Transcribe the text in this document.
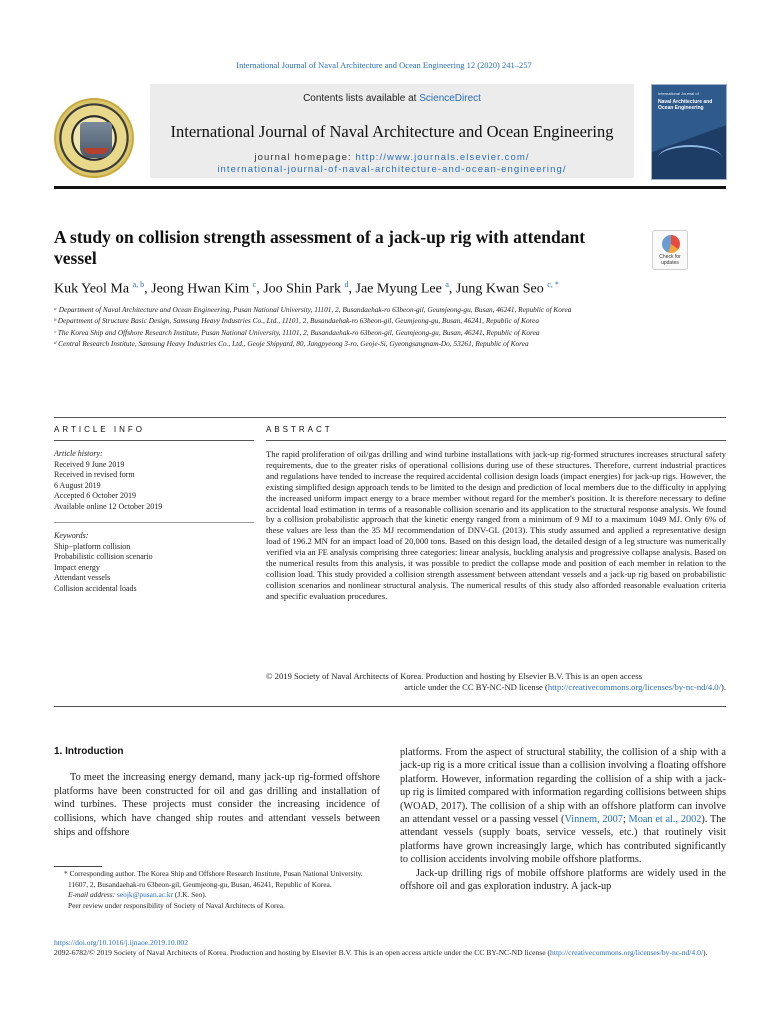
International Journal of Naval Architecture and Ocean Engineering 12 (2020) 241–257
Contents lists available at ScienceDirect
International Journal of Naval Architecture and Ocean Engineering
journal homepage: http://www.journals.elsevier.com/
international-journal-of-naval-architecture-and-ocean-engineering/
International Journal of
Naval Architecture and Ocean Engineering
A study on collision strength assessment of a jack-up rig with attendant vessel	Check for updates
Kuk Yeol Ma $^{a, b}$, Jeong Hwan Kim $^c$, Joo Shin Park $^d$, Jae Myung Lee $^a$, Jung Kwan Seo $^{c, *}$
ᵃ Department of Naval Architecture and Ocean Engineering, Pusan National University, 11101, 2, Busandaehak-ro 63beon-gil, Geumjeong-gu, Busan, 46241, Republic of Korea
ᵇ Department of Structure Basic Design, Samsung Heavy Industries Co., Ltd., 11101, 2, Busandaehak-ro 63beon-gil, Geumjeong-gu, Busan, 46241, Republic of Korea
ᶜ The Korea Ship and Offshore Research Institute, Pusan National University, 11101, 2, Busandaehak-ro 63beon-gil, Geumjeong-gu, Busan, 46241, Republic of Korea
ᵈ Central Research Institute, Samsung Heavy Industries Co., Ltd., Geoje Shipyard, 80, Jangpyeong 3-ro, Geoje-Si, Gyeongsangnam-Do, 53261, Republic of Korea
ARTICLE INFO
Article history:
Received 9 June 2019
Received in revised form
6 August 2019
Accepted 6 October 2019
Available online 12 October 2019
Keywords:
Ship−platform collision
Probabilistic collision scenario
Impact energy
Attendant vessels
Collision accidental loads
ABSTRACT
The rapid proliferation of oil/gas drilling and wind turbine installations with jack-up rig-formed structures increases structural safety requirements, due to the greater risks of operational collisions during use of these structures. Therefore, current industrial practices and regulations have tended to increase the required accidental collision design loads (impact energies) for jack-up rigs. However, the existing simplified design approach tends to be limited to the design and prediction of local members due to the difficulty in applying the increased uniform impact energy to a brace member without regard for the member's position. It is therefore necessary to define accidental load estimation in terms of a reasonable collision scenario and its application to the structural response analysis. We found by a collision probabilistic approach that the kinetic energy ranged from a minimum of 9 MJ to a maximum 1049 MJ. Only 6% of these values are less than the 35 MJ recommendation of DNV-GL (2013). This study assumed and applied a representative design load of 196.2 MN for an impact load of 20,000 tons. Based on this design load, the detailed design of a leg structure was numerically verified via an FE analysis comprising three categories: linear analysis, buckling analysis and progressive collapse analysis. Based on the numerical results from this analysis, it was possible to predict the collapse mode and position of each member in relation to the collision load. This study provided a collision strength assessment between attendant vessels and a jack-up rig based on probabilistic collision scenarios and nonlinear structural analysis. The numerical results of this study also afforded reasonable evaluation criteria and specific evaluation procedures.
© 2019 Society of Naval Architects of Korea. Production and hosting by Elsevier B.V. This is an open access
article under the CC BY-NC-ND license (http://creativecommons.org/licenses/by-nc-nd/4.0/).
1. Introduction

To meet the increasing energy demand, many jack-up rig-formed offshore platforms have been constructed for oil and gas drilling and installation of wind turbines. These projects must consider the increasing incidence of collisions, which have changed ship routes and attendant vessels between ships and offshore

platforms. From the aspect of structural stability, the collision of a ship with a jack-up rig is a more critical issue than a collision involving a floating offshore platform. However, information regarding the collision of a ship with a jack-up rig is limited compared with information regarding collisions between ships (WOAD, 2017). The collision of a ship with an offshore platform can involve an attendant vessel or a passing vessel (Vinnem, 2007; Moan et al., 2002). The attendant vessels (supply boats, service vessels, etc.) that routinely visit platforms have grown increasingly large, which has contributed significantly to collision accidents involving mobile offshore platforms.

Jack-up drilling rigs of mobile offshore platforms are widely used in the offshore oil and gas exploration industry. A jack-up

* Corresponding author. The Korea Ship and Offshore Research Institute, Pusan National University. 11607, 2, Busandaehak-ro 63beon-gil, Geumjeong-gu, Busan, 46241, Republic of Korea.
E-mail address: seojk@pusan.ac.kr (J.K. Seo).
Peer review under responsibility of Society of Naval Architects of Korea.
https://doi.org/10.1016/j.ijnaoe.2019.10.002
2092-6782/© 2019 Society of Naval Architects of Korea. Production and hosting by Elsevier B.V. This is an open access article under the CC BY-NC-ND license (http://creativecommons.org/licenses/by-nc-nd/4.0/).
